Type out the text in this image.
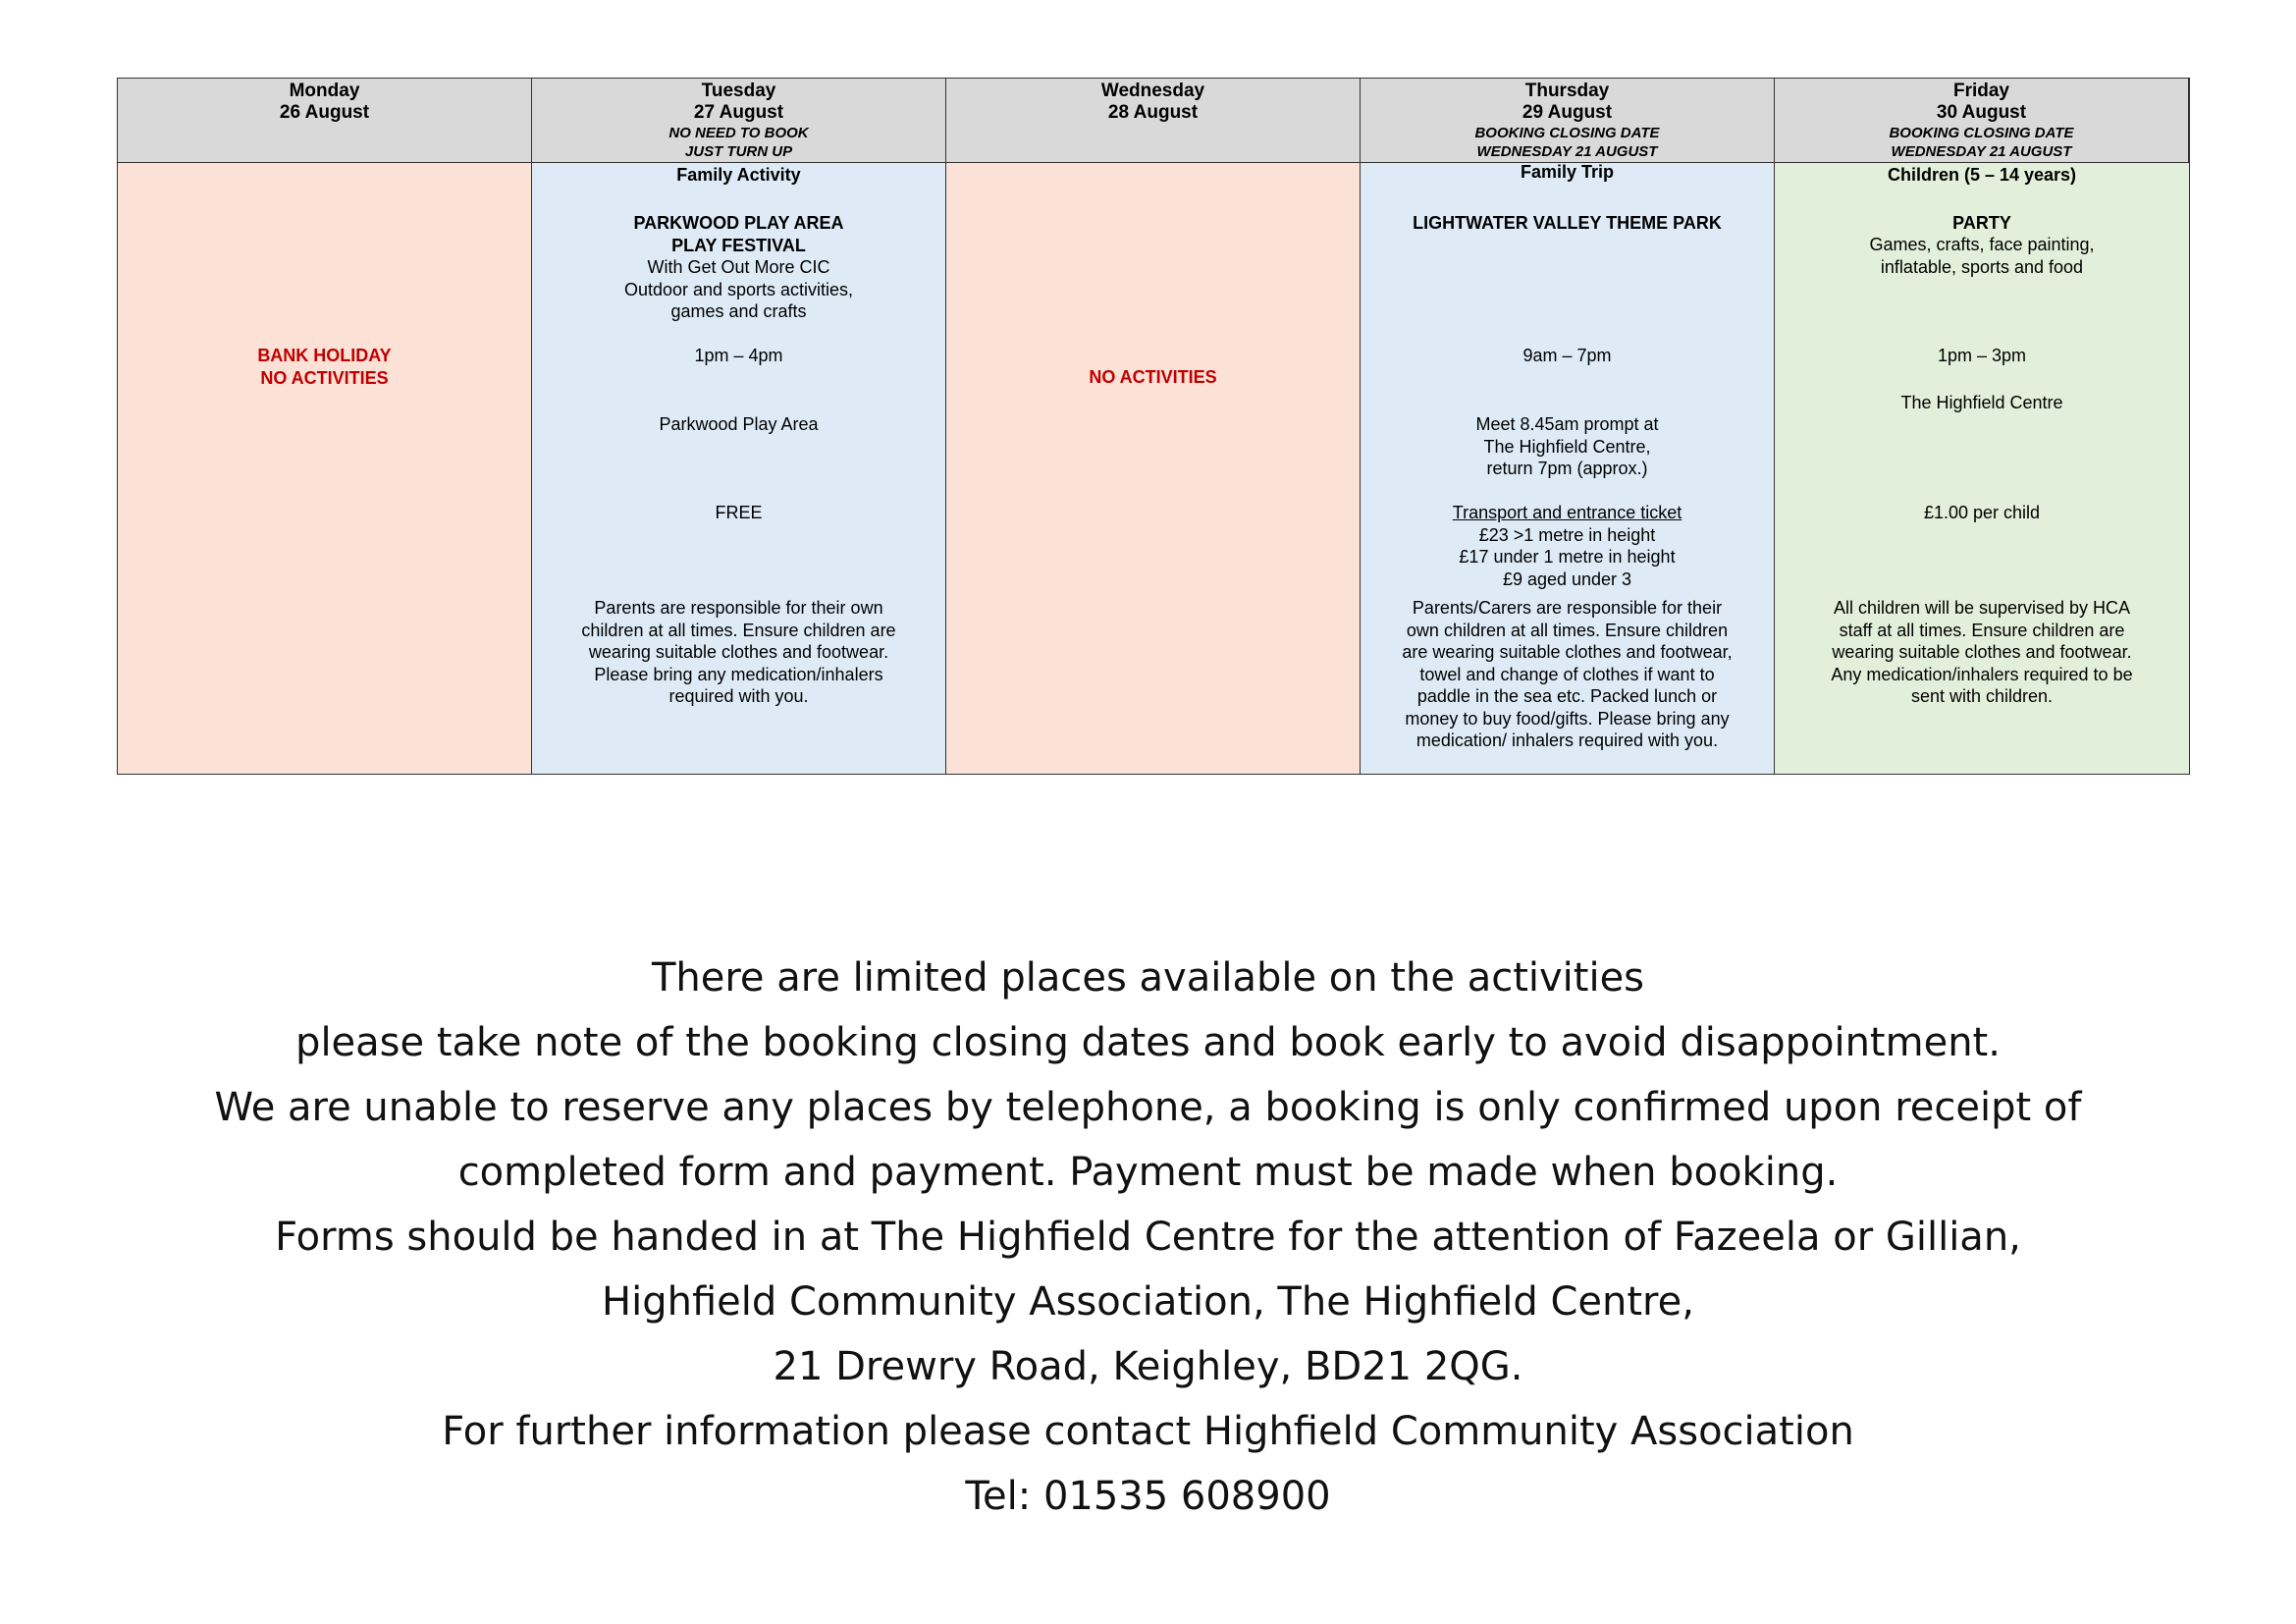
Monday
26 August
Tuesday
27 August
NO NEED TO BOOK
JUST TURN UP
Wednesday
28 August
Thursday
29 August
BOOKING CLOSING DATE
WEDNESDAY 21 AUGUST
Friday
30 August
BOOKING CLOSING DATE
WEDNESDAY 21 AUGUST
BANK HOLIDAY
NO ACTIVITIES
Family Activity
PARKWOOD PLAY AREA
PLAY FESTIVAL
With Get Out More CIC
Outdoor and sports activities,
games and crafts
1pm – 4pm
Parkwood Play Area
FREE
Parents are responsible for their own
children at all times. Ensure children are
wearing suitable clothes and footwear.
Please bring any medication/inhalers
required with you.
NO ACTIVITIES
Family Trip
LIGHTWATER VALLEY THEME PARK
9am – 7pm
Meet 8.45am prompt at
The Highfield Centre,
return 7pm (approx.)
Transport and entrance ticket
£23 >1 metre in height
£17 under 1 metre in height
£9 aged under 3
Parents/Carers are responsible for their
own children at all times. Ensure children
are wearing suitable clothes and footwear,
towel and change of clothes if want to
paddle in the sea etc. Packed lunch or
money to buy food/gifts. Please bring any
medication/ inhalers required with you.
Children (5 – 14 years)
PARTY
Games, crafts, face painting,
inflatable, sports and food
1pm – 3pm
The Highfield Centre
£1.00 per child
All children will be supervised by HCA
staff at all times. Ensure children are
wearing suitable clothes and footwear.
Any medication/inhalers required to be
sent with children.
There are limited places available on the activities
please take note of the booking closing dates and book early to avoid disappointment.
We are unable to reserve any places by telephone, a booking is only confirmed upon receipt of
completed form and payment. Payment must be made when booking.
Forms should be handed in at The Highfield Centre for the attention of Fazeela or Gillian,
Highfield Community Association, The Highfield Centre,
21 Drewry Road, Keighley, BD21 2QG.
For further information please contact Highfield Community Association
Tel: 01535 608900
